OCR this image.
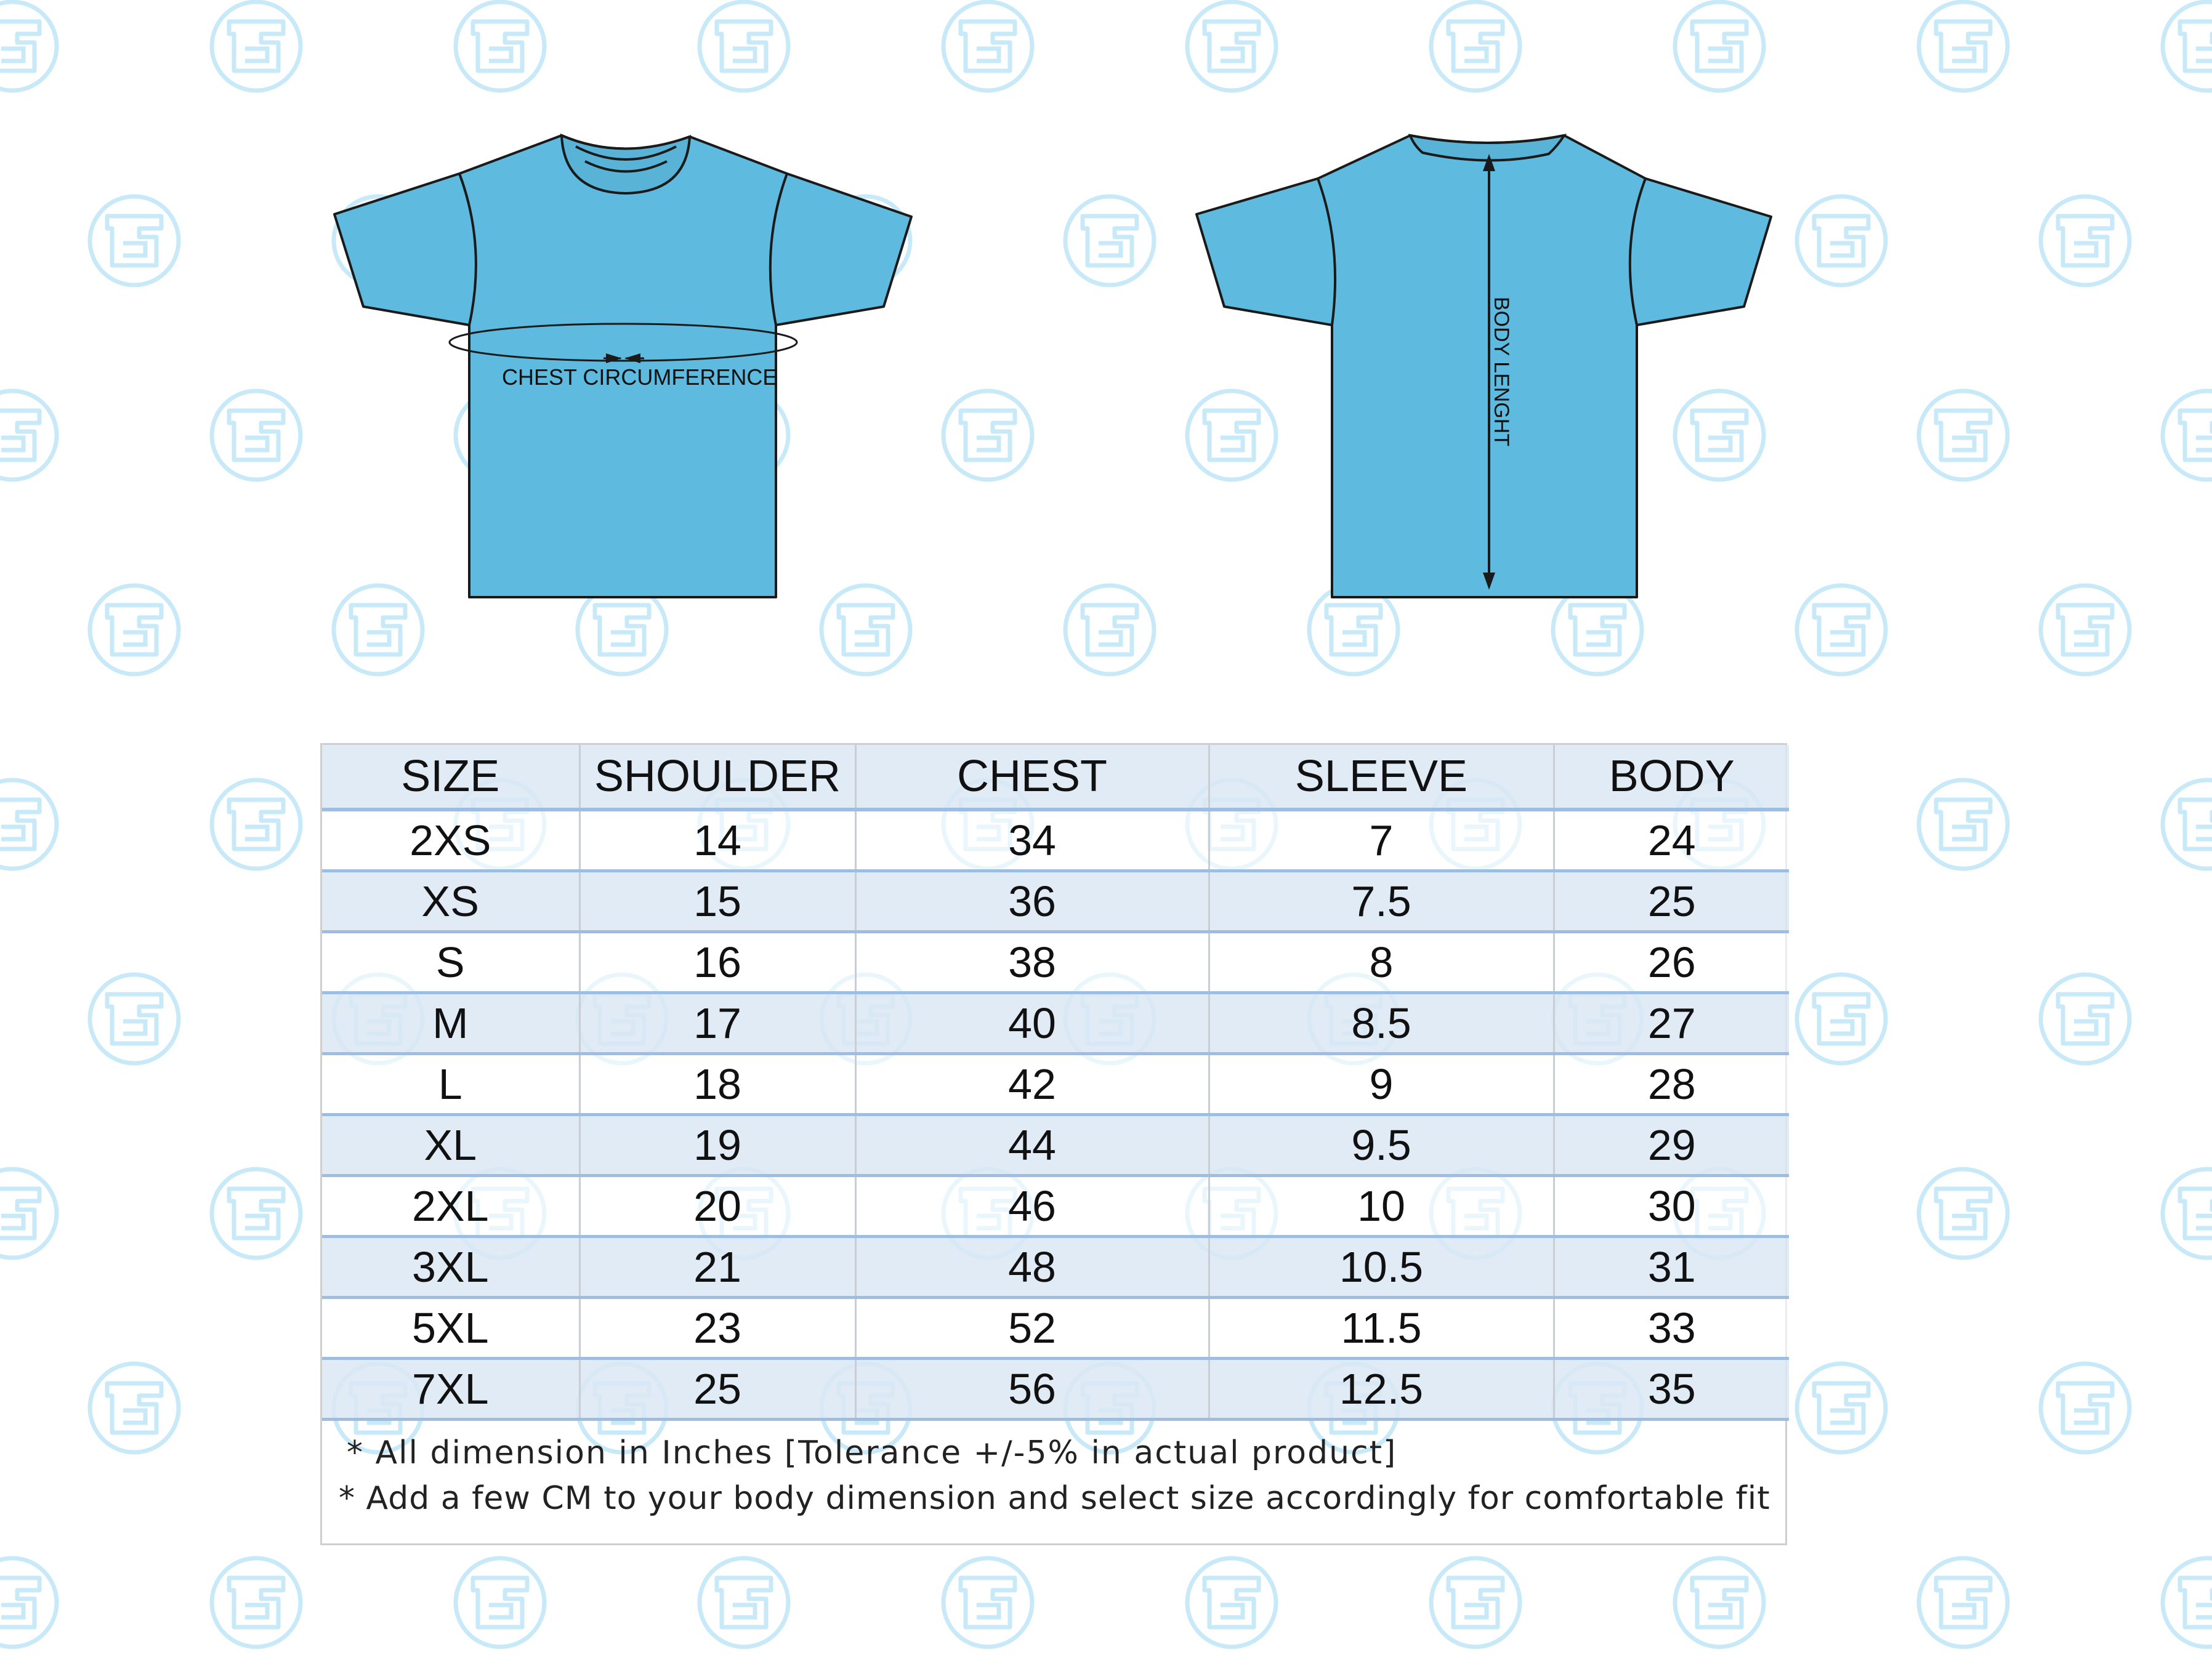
CHEST CIRCUMFERENCE	BODY LENGHT
SIZE	SHOULDER	CHEST	SLEEVE	BODY
2XS	14	34	7	24
XS	15	36	7.5	25
S	16	38	8	26
M	17	40	8.5	27
L	18	42	9	28
XL	19	44	9.5	29
2XL	20	46	10	30
3XL	21	48	10.5	31
5XL	23	52	11.5	33
7XL	25	56	12.5	35
* All dimension in Inches [Tolerance +/-5% in actual product]
* Add a few CM to your body dimension and select size accordingly for comfortable fit
